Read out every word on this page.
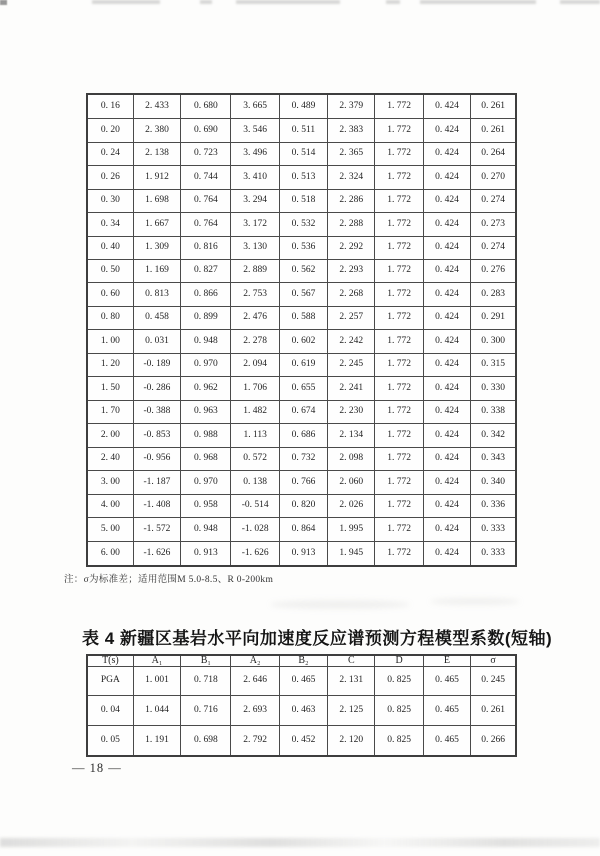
0. 16	2. 433	0. 680	3. 665	0. 489	2. 379	1. 772	0. 424	0. 261
0. 20	2. 380	0. 690	3. 546	0. 511	2. 383	1. 772	0. 424	0. 261
0. 24	2. 138	0. 723	3. 496	0. 514	2. 365	1. 772	0. 424	0. 264
0. 26	1. 912	0. 744	3. 410	0. 513	2. 324	1. 772	0. 424	0. 270
0. 30	1. 698	0. 764	3. 294	0. 518	2. 286	1. 772	0. 424	0. 274
0. 34	1. 667	0. 764	3. 172	0. 532	2. 288	1. 772	0. 424	0. 273
0. 40	1. 309	0. 816	3. 130	0. 536	2. 292	1. 772	0. 424	0. 274
0. 50	1. 169	0. 827	2. 889	0. 562	2. 293	1. 772	0. 424	0. 276
0. 60	0. 813	0. 866	2. 753	0. 567	2. 268	1. 772	0. 424	0. 283
0. 80	0. 458	0. 899	2. 476	0. 588	2. 257	1. 772	0. 424	0. 291
1. 00	0. 031	0. 948	2. 278	0. 602	2. 242	1. 772	0. 424	0. 300
1. 20	-0. 189	0. 970	2. 094	0. 619	2. 245	1. 772	0. 424	0. 315
1. 50	-0. 286	0. 962	1. 706	0. 655	2. 241	1. 772	0. 424	0. 330
1. 70	-0. 388	0. 963	1. 482	0. 674	2. 230	1. 772	0. 424	0. 338
2. 00	-0. 853	0. 988	1. 113	0. 686	2. 134	1. 772	0. 424	0. 342
2. 40	-0. 956	0. 968	0. 572	0. 732	2. 098	1. 772	0. 424	0. 343
3. 00	-1. 187	0. 970	0. 138	0. 766	2. 060	1. 772	0. 424	0. 340
4. 00	-1. 408	0. 958	-0. 514	0. 820	2. 026	1. 772	0. 424	0. 336
5. 00	-1. 572	0. 948	-1. 028	0. 864	1. 995	1. 772	0. 424	0. 333
6. 00	-1. 626	0. 913	-1. 626	0. 913	1. 945	1. 772	0. 424	0. 333
注：σ为标准差；适用范围M 5.0-8.5、R 0-200km
表 4 新疆区基岩水平向加速度反应谱预测方程模型系数(短轴)
T(s)	A₁	B₁	A₂	B₂	C	D	E	σ
PGA	1. 001	0. 718	2. 646	0. 465	2. 131	0. 825	0. 465	0. 245
0. 04	1. 044	0. 716	2. 693	0. 463	2. 125	0. 825	0. 465	0. 261
0. 05	1. 191	0. 698	2. 792	0. 452	2. 120	0. 825	0. 465	0. 266
— 18 —
